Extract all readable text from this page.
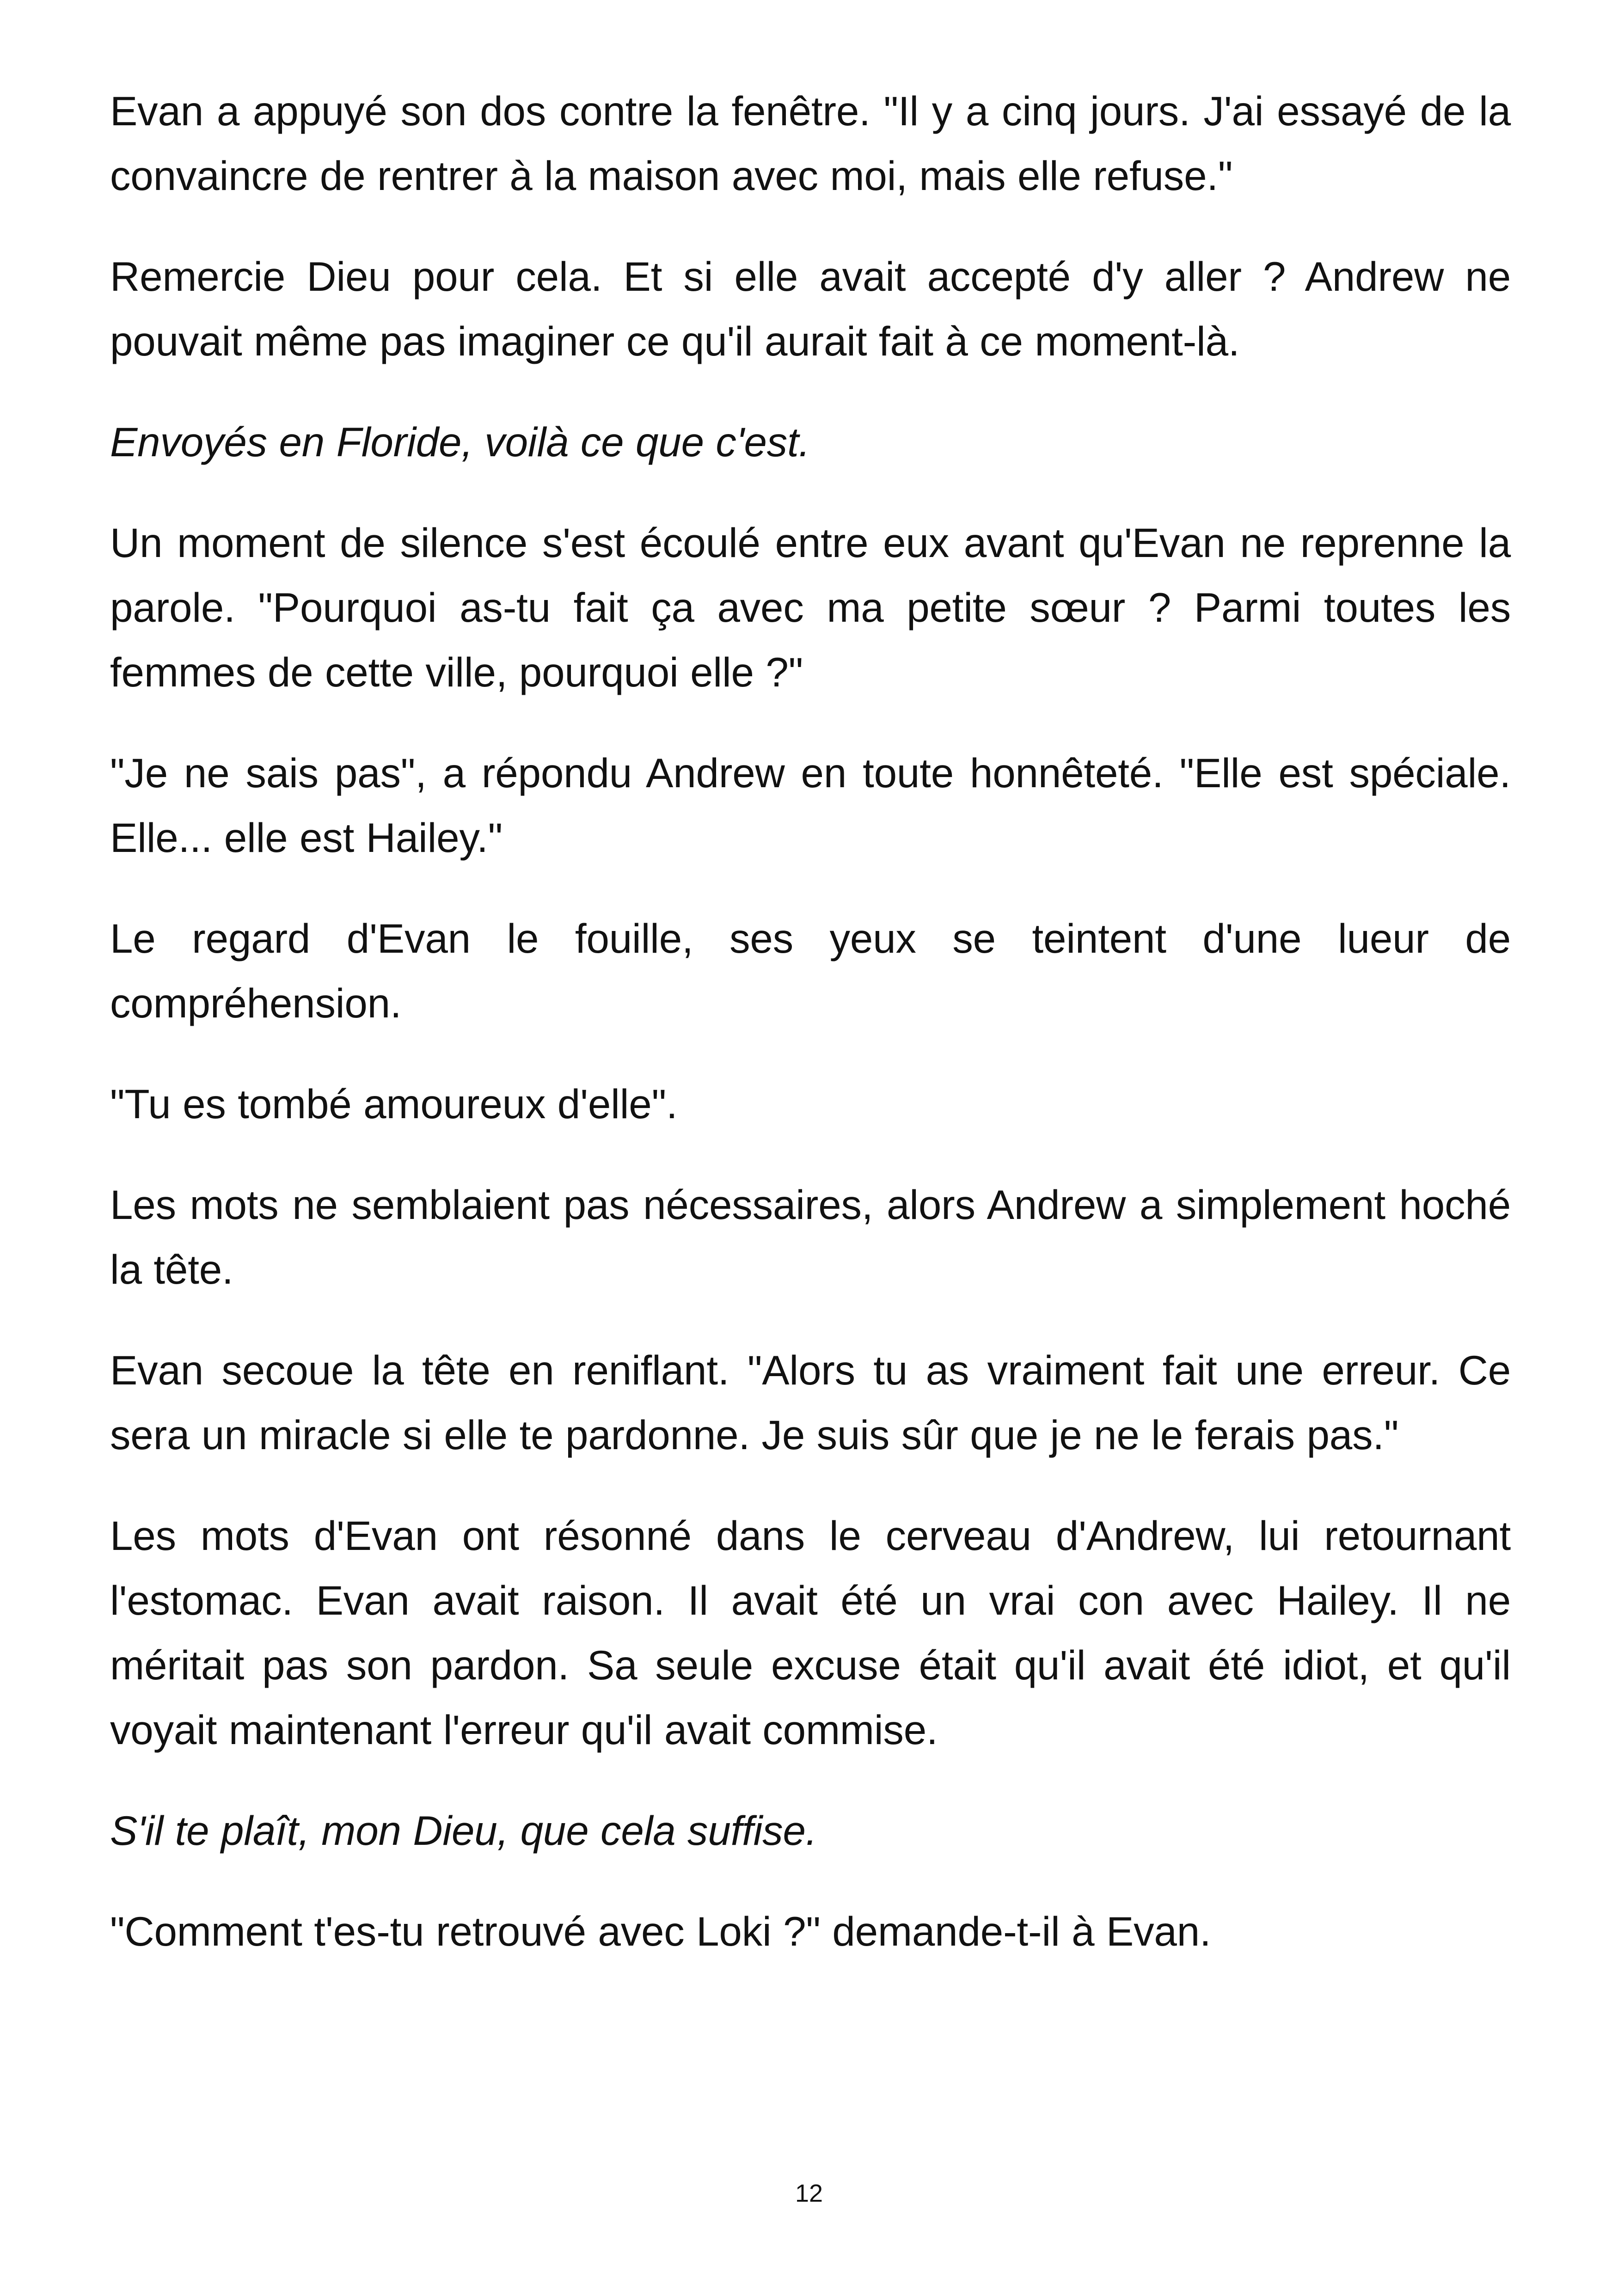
Evan a appuyé son dos contre la fenêtre. "Il y a cinq jours. J'ai essayé de la convaincre de rentrer à la maison avec moi, mais elle refuse."

Remercie Dieu pour cela. Et si elle avait accepté d'y aller ? Andrew ne pouvait même pas imaginer ce qu'il aurait fait à ce moment-là.

Envoyés en Floride, voilà ce que c'est.

Un moment de silence s'est écoulé entre eux avant qu'Evan ne reprenne la parole. "Pourquoi as-tu fait ça avec ma petite sœur ? Parmi toutes les femmes de cette ville, pourquoi elle ?"

"Je ne sais pas", a répondu Andrew en toute honnêteté. "Elle est spéciale. Elle... elle est Hailey."

Le regard d'Evan le fouille, ses yeux se teintent d'une lueur de compréhension.

"Tu es tombé amoureux d'elle".

Les mots ne semblaient pas nécessaires, alors Andrew a simplement hoché la tête.

Evan secoue la tête en reniflant. "Alors tu as vraiment fait une erreur. Ce sera un miracle si elle te pardonne. Je suis sûr que je ne le ferais pas."

Les mots d'Evan ont résonné dans le cerveau d'Andrew, lui retournant l'estomac. Evan avait raison. Il avait été un vrai con avec Hailey. Il ne méritait pas son pardon. Sa seule excuse était qu'il avait été idiot, et qu'il voyait maintenant l'erreur qu'il avait commise.

S'il te plaît, mon Dieu, que cela suffise.

"Comment t'es-tu retrouvé avec Loki ?" demande-t-il à Evan.

12
